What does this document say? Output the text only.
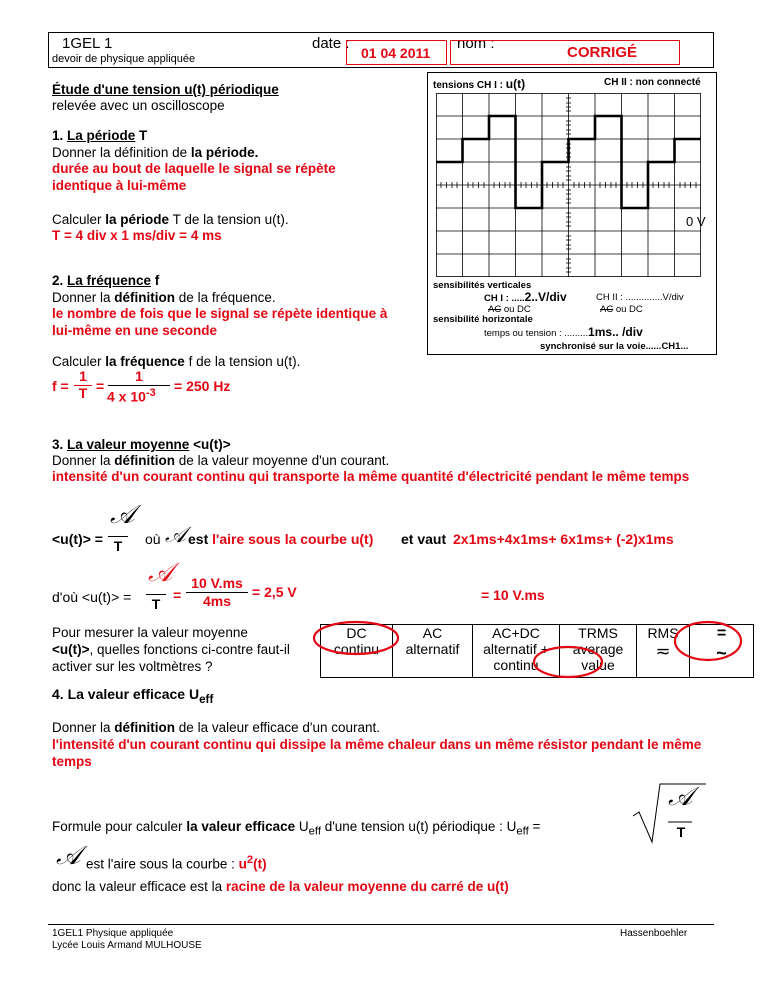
1GEL 1
devoir de physique appliquée
date :
01 04 2011
nom :
CORRIGÉ
Étude d'une tension u(t) périodique
relevée avec un oscilloscope
1. La période T
Donner la définition de la période.
durée au bout de laquelle le signal se répète identique à lui-même
Calculer la période T de la tension u(t).
T = 4 div x 1 ms/div = 4 ms
2. La fréquence f
Donner la définition de la fréquence.
le nombre de fois que le signal se répète identique à lui-même en une seconde
Calculer la fréquence f de la tension u(t).
f =
1
T =
1
4 x $10^{-3} = 250$ Hz
tensions CH I : u(t)	CH II : non connecté
0 V
sensibilités verticales
CH I : .....2..V/div	CH II : ..............V/div
AC ou DC	AC ou DC
sensibilité horizontale
temps ou tension : .........1ms.. /div
synchronisé sur la voie......CH1...
3. La valeur moyenne <u(t)>
Donner la définition de la valeur moyenne d'un courant.
intensité d'un courant continu qui transporte la même quantité d'électricité pendant le même temps
<u(t)> =
𝒜
T où 𝒜 est l'aire sous la courbe u(t) et vaut 2x1ms+4x1ms+ 6x1ms+ (-2)x1ms
d'où <u(t)> =
𝒜
T
=
10 V.ms
4ms
= 2,5 V	= 10 V.ms
Pour mesurer la valeur moyenne <u(t)>, quelles fonctions ci-contre faut-il activer sur les voltmètres ?
DC
continu

AC
alternatif

AC+DC
alternatif + continu

TRMS
average value

RMS
≂

=
~
4. La valeur efficace $U_{eff}$
Donner la définition de la valeur efficace d'un courant.
l'intensité d'un courant continu qui dissipe la même chaleur dans un même résistor pendant le même temps
Formule pour calculer la valeur efficace $U_{eff}$ d'une tension u(t) périodique : $U_{eff}$ =
𝒜
T
𝒜 est l'aire sous la courbe : $u^2(t)$
donc la valeur efficace est la racine de la valeur moyenne du carré de u(t)
1GEL1 Physique appliquée
Lycée Louis Armand MULHOUSE
Hassenboehler
